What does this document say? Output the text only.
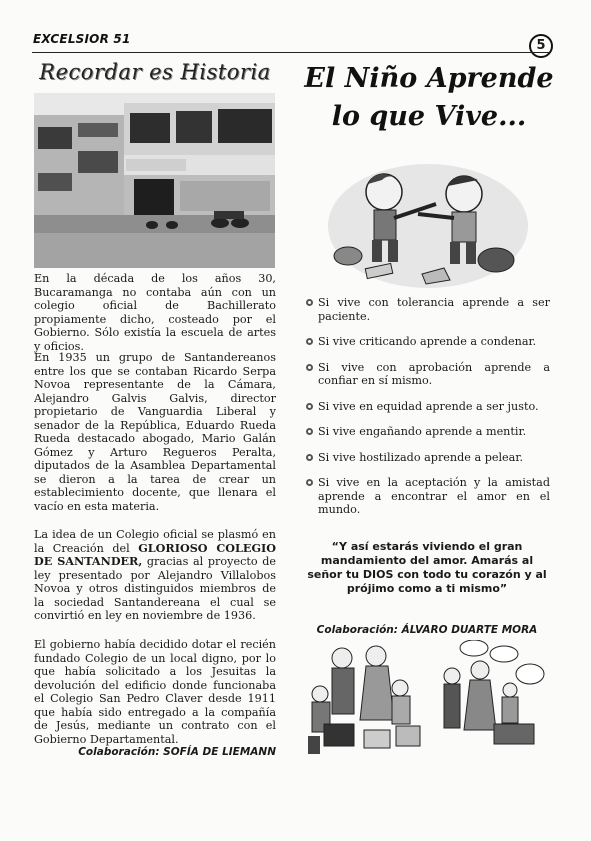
EXCELSIOR 51	5
Recordar es Historia

En la década de los años 30, Bucaramanga no contaba aún con un colegio oficial de Bachillerato propiamente dicho, costeado por el Gobierno. Sólo existía la escuela de artes y oficios.

En 1935 un grupo de Santandereanos entre los que se contaban Ricardo Serpa Novoa representante de la Cámara, Alejandro Galvis Galvis, director propietario de Vanguardia Liberal y senador de la República, Eduardo Rueda Rueda destacado abogado, Mario Galán Gómez y Arturo Regueros Peralta, diputados de la Asamblea Departamental se dieron a la tarea de crear un establecimiento docente, que llenara el vacío en esta materia.

La idea de un Colegio oficial se plasmó en la Creación del GLORIOSO COLEGIO DE SANTANDER, gracias al proyecto de ley presentado por Alejandro Villalobos Novoa y otros distinguidos miembros de la sociedad Santandereana el cual se convirtió en ley en noviembre de 1936.

El gobierno había decidido dotar el recién fundado Colegio de un local digno, por lo que había solicitado a los Jesuitas la devolución del edificio donde funcionaba el Colegio San Pedro Claver desde 1911 que había sido entregado a la compañía de Jesús, mediante un contrato con el Gobierno Departamental.

Colaboración: SOFÍA DE LIEMANN
El Niño Aprende
lo que Vive...
Si vive con tolerancia aprende a ser paciente.
Si vive criticando aprende a condenar.
Si vive con aprobación aprende a confiar en sí mismo.
Si vive en equidad aprende a ser justo.
Si vive engañando aprende a mentir.
Si vive hostilizado aprende a pelear.
Si vive en la aceptación y la amistad aprende a encontrar el amor en el mundo.
“Y así estarás viviendo el gran mandamiento del amor. Amarás al señor tu DIOS con todo tu corazón y al prójimo como a ti mismo”
Colaboración: ÁLVARO DUARTE MORA
